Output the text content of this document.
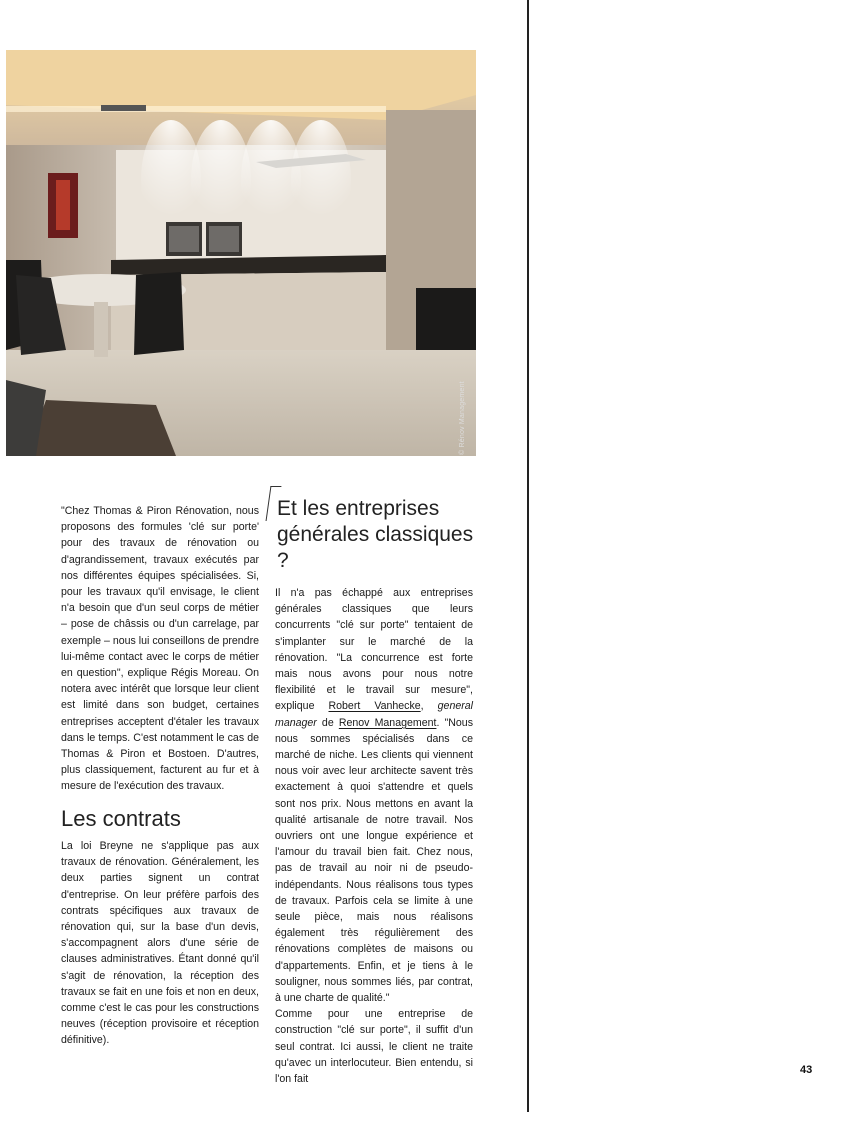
© Rénov Management

"Chez Thomas & Piron Rénovation, nous proposons des formules 'clé sur porte' pour des travaux de rénovation ou d'agrandissement, travaux exécutés par nos différentes équipes spécialisées. Si, pour les travaux qu'il envisage, le client n'a besoin que d'un seul corps de métier – pose de châssis ou d'un carrelage, par exemple – nous lui conseillons de prendre lui-même contact avec le corps de métier en question", explique Régis Moreau. On notera avec intérêt que lorsque leur client est limité dans son budget, certaines entreprises acceptent d'étaler les travaux dans le temps. C'est notamment le cas de Thomas & Piron et Bostoen. D'autres, plus classiquement, facturent au fur et à mesure de l'exécution des travaux.

Les contrats

La loi Breyne ne s'applique pas aux travaux de rénovation. Généralement, les deux parties signent un contrat d'entreprise. On leur préfère parfois des contrats spécifiques aux travaux de rénovation qui, sur la base d'un devis, s'accompagnent alors d'une série de clauses administratives. Étant donné qu'il s'agit de rénovation, la réception des travaux se fait en une fois et non en deux, comme c'est le cas pour les constructions neuves (réception provisoire et réception définitive).

Et les entreprises générales classiques ?

Il n'a pas échappé aux entreprises générales classiques que leurs concurrents "clé sur porte" tentaient de s'implanter sur le marché de la rénovation. "La concurrence est forte mais nous avons pour nous notre flexibilité et le travail sur mesure", explique Robert Vanhecke, general manager de Renov Management. "Nous nous sommes spécialisés dans ce marché de niche. Les clients qui viennent nous voir avec leur architecte savent très exactement à quoi s'attendre et quels sont nos prix. Nous mettons en avant la qualité artisanale de notre travail. Nos ouvriers ont une longue expérience et l'amour du travail bien fait. Chez nous, pas de travail au noir ni de pseudo-indépendants. Nous réalisons tous types de travaux. Parfois cela se limite à une seule pièce, mais nous réalisons également très régulièrement des rénovations complètes de maisons ou d'appartements. Enfin, et je tiens à le souligner, nous sommes liés, par contrat, à une charte de qualité."

Comme pour une entreprise de construction "clé sur porte", il suffit d'un seul contrat. Ici aussi, le client ne traite qu'avec un interlocuteur. Bien entendu, si l'on fait

43
